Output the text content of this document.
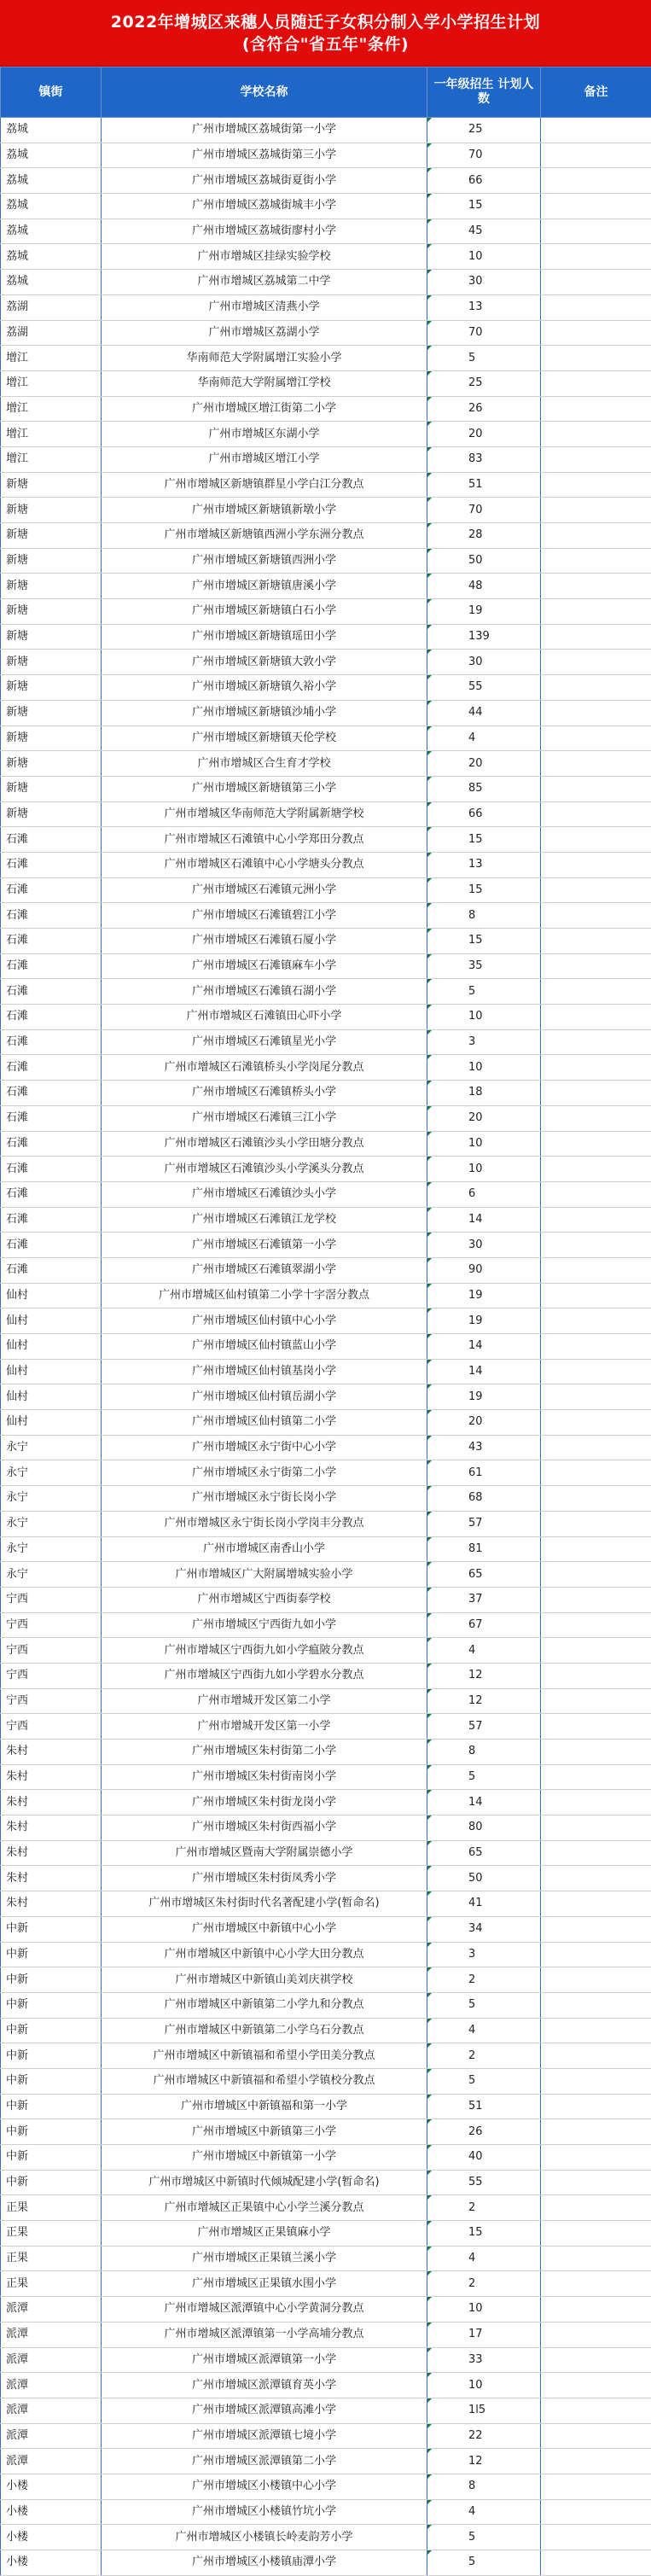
2022年增城区来穗人员随迁子女积分制入学小学招生计划
(含符合"省五年"条件)
镇街	学校名称	一年级招生 计划人数	备注
荔城	广州市增城区荔城街第一小学	25	
荔城	广州市增城区荔城街第三小学	70	
荔城	广州市增城区荔城街夏街小学	66	
荔城	广州市增城区荔城街城丰小学	15	
荔城	广州市增城区荔城街廖村小学	45	
荔城	广州市增城区挂绿实验学校	10	
荔城	广州市增城区荔城第二中学	30	
荔湖	广州市增城区清燕小学	13	
荔湖	广州市增城区荔湖小学	70	
增江	华南师范大学附属增江实验小学	5	
增江	华南师范大学附属增江学校	25	
增江	广州市增城区增江街第二小学	26	
增江	广州市增城区东湖小学	20	
增江	广州市增城区增江小学	83	
新塘	广州市增城区新塘镇群星小学白江分教点	51	
新塘	广州市增城区新塘镇新墩小学	70	
新塘	广州市增城区新塘镇西洲小学东洲分教点	28	
新塘	广州市增城区新塘镇西洲小学	50	
新塘	广州市增城区新塘镇唐溪小学	48	
新塘	广州市增城区新塘镇白石小学	19	
新塘	广州市增城区新塘镇瑶田小学	139	
新塘	广州市增城区新塘镇大敦小学	30	
新塘	广州市增城区新塘镇久裕小学	55	
新塘	广州市增城区新塘镇沙埔小学	44	
新塘	广州市增城区新塘镇天伦学校	4	
新塘	广州市增城区合生育才学校	20	
新塘	广州市增城区新塘镇第三小学	85	
新塘	广州市增城区华南师范大学附属新塘学校	66	
石滩	广州市增城区石滩镇中心小学郑田分教点	15	
石滩	广州市增城区石滩镇中心小学塘头分教点	13	
石滩	广州市增城区石滩镇元洲小学	15	
石滩	广州市增城区石滩镇碧江小学	8	
石滩	广州市增城区石滩镇石厦小学	15	
石滩	广州市增城区石滩镇麻车小学	35	
石滩	广州市增城区石滩镇石湖小学	5	
石滩	广州市增城区石滩镇田心吓小学	10	
石滩	广州市增城区石滩镇星光小学	3	
石滩	广州市增城区石滩镇桥头小学岗尾分教点	10	
石滩	广州市增城区石滩镇桥头小学	18	
石滩	广州市增城区石滩镇三江小学	20	
石滩	广州市增城区石滩镇沙头小学田塘分教点	10	
石滩	广州市增城区石滩镇沙头小学溪头分教点	10	
石滩	广州市增城区石滩镇沙头小学	6	
石滩	广州市增城区石滩镇江龙学校	14	
石滩	广州市增城区石滩镇第一小学	30	
石滩	广州市增城区石滩镇翠湖小学	90	
仙村	广州市增城区仙村镇第二小学十字滘分教点	19	
仙村	广州市增城区仙村镇中心小学	19	
仙村	广州市增城区仙村镇蓝山小学	14	
仙村	广州市增城区仙村镇基岗小学	14	
仙村	广州市增城区仙村镇岳湖小学	19	
仙村	广州市增城区仙村镇第二小学	20	
永宁	广州市增城区永宁街中心小学	43	
永宁	广州市增城区永宁街第二小学	61	
永宁	广州市增城区永宁街长岗小学	68	
永宁	广州市增城区永宁街长岗小学岗丰分教点	57	
永宁	广州市增城区南香山小学	81	
永宁	广州市增城区广大附属增城实验小学	65	
宁西	广州市增城区宁西街泰学校	37	
宁西	广州市增城区宁西街九如小学	67	
宁西	广州市增城区宁西街九如小学瘟陂分教点	4	
宁西	广州市增城区宁西街九如小学碧水分教点	12	
宁西	广州市增城开发区第二小学	12	
宁西	广州市增城开发区第一小学	57	
朱村	广州市增城区朱村街第二小学	8	
朱村	广州市增城区朱村街南岗小学	5	
朱村	广州市增城区朱村街龙岗小学	14	
朱村	广州市增城区朱村街西福小学	80	
朱村	广州市增城区暨南大学附属崇德小学	65	
朱村	广州市增城区朱村街凤秀小学	50	
朱村	广州市增城区朱村街时代名著配建小学(暂命名)	41	
中新	广州市增城区中新镇中心小学	34	
中新	广州市增城区中新镇中心小学大田分教点	3	
中新	广州市增城区中新镇山美刘庆祺学校	2	
中新	广州市增城区中新镇第二小学九和分教点	5	
中新	广州市增城区中新镇第二小学乌石分教点	4	
中新	广州市增城区中新镇福和希望小学田美分教点	2	
中新	广州市增城区中新镇福和希望小学镇校分教点	5	
中新	广州市增城区中新镇福和第一小学	51	
中新	广州市增城区中新镇第三小学	26	
中新	广州市增城区中新镇第一小学	40	
中新	广州市增城区中新镇时代倾城配建小学(暂命名)	55	
正果	广州市增城区正果镇中心小学兰溪分教点	2	
正果	广州市增城区正果镇麻小学	15	
正果	广州市增城区正果镇兰溪小学	4	
正果	广州市增城区正果镇水围小学	2	
派潭	广州市增城区派潭镇中心小学黄洞分教点	10	
派潭	广州市增城区派潭镇第一小学高埔分教点	17	
派潭	广州市增城区派潭镇第一小学	33	
派潭	广州市增城区派潭镇育英小学	10	
派潭	广州市增城区派潭镇高滩小学	1l5	
派潭	广州市增城区派潭镇七境小学	22	
派潭	广州市增城区派潭镇第二小学	12	
小楼	广州市增城区小楼镇中心小学	8	
小楼	广州市增城区小楼镇竹坑小学	4	
小楼	广州市增城区小楼镇长岭麦韵芳小学	5	
小楼	广州市增城区小楼镇庙潭小学	5	
